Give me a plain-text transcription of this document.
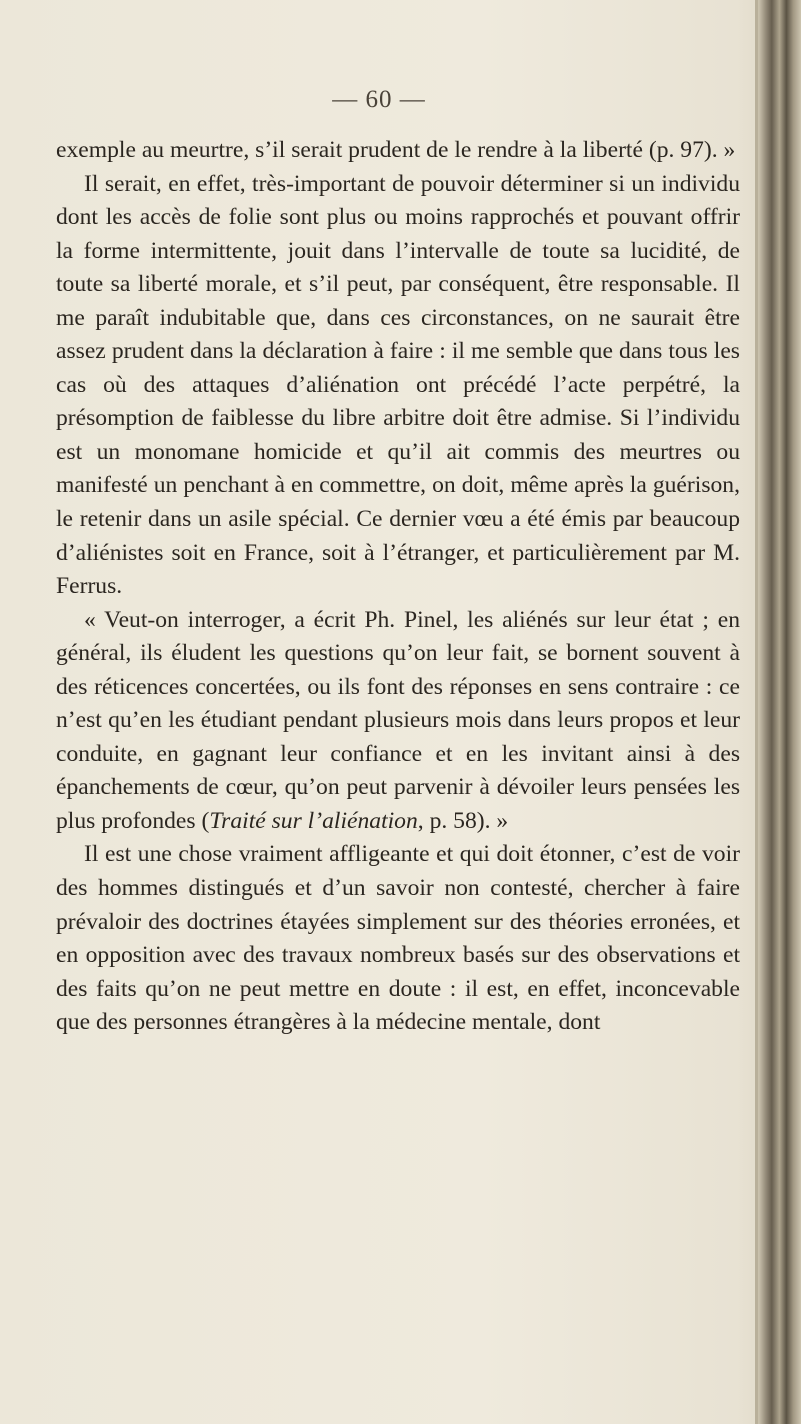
— 60 —

exemple au meurtre, s’il serait prudent de le rendre à la liberté (p. 97). »

Il serait, en effet, très-important de pouvoir déterminer si un individu dont les accès de folie sont plus ou moins rapprochés et pouvant offrir la forme intermittente, jouit dans l’intervalle de toute sa lucidité, de toute sa liberté morale, et s’il peut, par conséquent, être responsable. Il me paraît indubitable que, dans ces circonstances, on ne saurait être assez prudent dans la déclaration à faire : il me semble que dans tous les cas où des attaques d’aliénation ont précédé l’acte perpétré, la présomption de faiblesse du libre arbitre doit être admise. Si l’individu est un monomane homicide et qu’il ait commis des meurtres ou manifesté un penchant à en commettre, on doit, même après la guérison, le retenir dans un asile spécial. Ce dernier vœu a été émis par beaucoup d’aliénistes soit en France, soit à l’étranger, et particulièrement par M. Ferrus.

« Veut-on interroger, a écrit Ph. Pinel, les aliénés sur leur état ; en général, ils éludent les questions qu’on leur fait, se bornent souvent à des réticences concertées, ou ils font des réponses en sens contraire : ce n’est qu’en les étudiant pendant plusieurs mois dans leurs propos et leur conduite, en gagnant leur confiance et en les invitant ainsi à des épanchements de cœur, qu’on peut parvenir à dévoiler leurs pensées les plus profondes (Traité sur l’aliénation, p. 58). »

Il est une chose vraiment affligeante et qui doit étonner, c’est de voir des hommes distingués et d’un savoir non contesté, chercher à faire prévaloir des doctrines étayées simplement sur des théories erronées, et en opposition avec des travaux nombreux basés sur des observations et des faits qu’on ne peut mettre en doute : il est, en effet, inconcevable que des personnes étrangères à la médecine mentale, dont
